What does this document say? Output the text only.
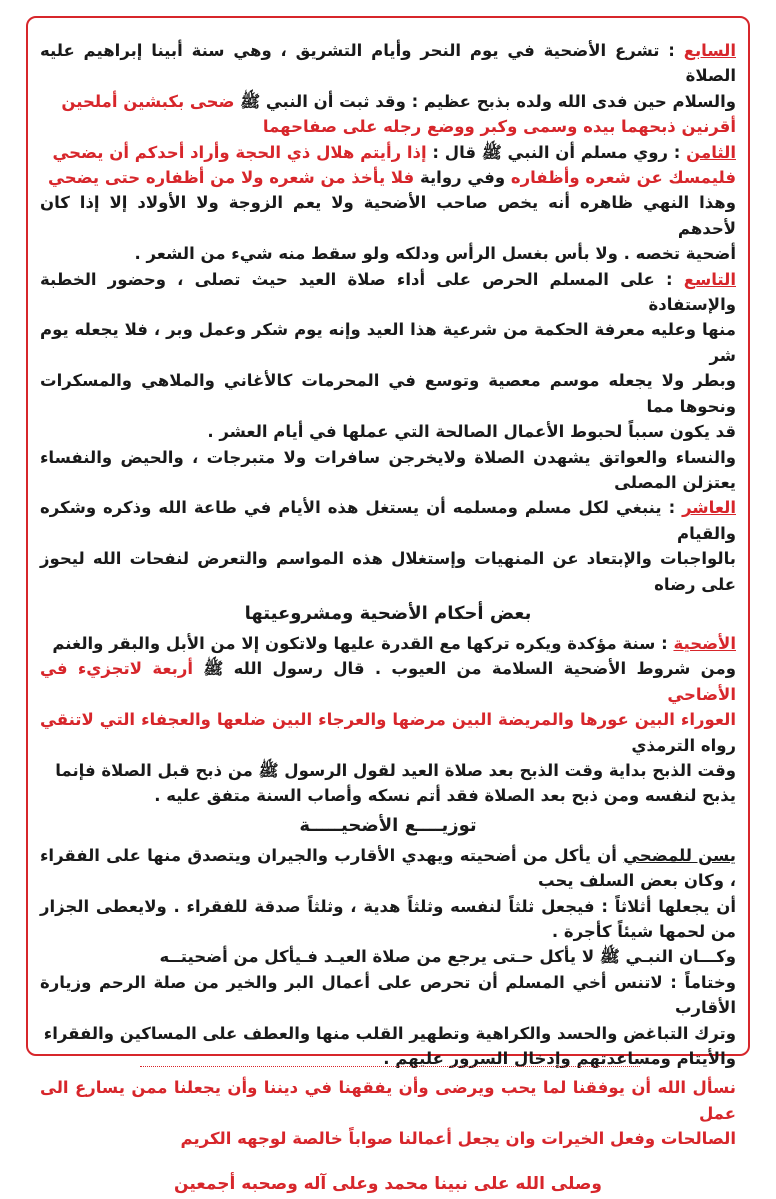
السابع : تشرع الأضحية في يوم النحر وأيام التشريق ، وهي سنة أبينا إبراهيم عليه الصلاة

والسلام حين فدى الله ولده بذبح عظيم : وقد ثبت أن النبي ﷺ ضحى بكبشين أملحين

أقرنين ذبحهما بيده وسمى وكبر ووضع رجله على صفاحهما

الثامن : روي مسلم أن النبي ﷺ قال : إذا رأيتم هلال ذي الحجة وأراد أحدكم أن يضحي

فليمسك عن شعره وأظفاره وفي رواية فلا يأخذ من شعره ولا من أظفاره حتى يضحي

وهذا النهي ظاهره أنه يخص صاحب الأضحية ولا يعم الزوجة ولا الأولاد إلا إذا كان لأحدهم

أضحية تخصه . ولا بأس بغسل الرأس ودلكه ولو سقط منه شيء من الشعر .

التاسع : على المسلم الحرص على أداء صلاة العيد حيث تصلى ، وحضور الخطبة والإستفادة

منها وعليه معرفة الحكمة من شرعية هذا العيد وإنه يوم شكر وعمل وبر ، فلا يجعله يوم شر

وبطر ولا يجعله موسم معصية وتوسع في المحرمات كالأغاني والملاهي والمسكرات ونحوها مما

قد يكون سبباً لحبوط الأعمال الصالحة التي عملها في أيام العشر .

والنساء والعواتق يشهدن الصلاة ولايخرجن سافرات ولا متبرجات ، والحيض والنفساء يعتزلن المصلى

العاشر : ينبغي لكل مسلم ومسلمه أن يستغل هذه الأيام في طاعة الله وذكره وشكره والقيام

بالواجبات والإبتعاد عن المنهيات وإستغلال هذه المواسم والتعرض لنفحات الله ليحوز على رضاه

بعض أحكام الأضحية ومشروعيتها

الأضحية : سنة مؤكدة ويكره تركها مع القدرة عليها ولاتكون إلا من الأبل والبقر والغنم

ومن شروط الأضحية السلامة من العيوب . قال رسول الله ﷺ أربعة لاتجزيء في الأضاحي

العوراء البين عورها والمريضة البين مرضها والعرجاء البين ضلعها والعجفاء التي لاتنقي رواه الترمذي

وقت الذبح بداية وقت الذبح بعد صلاة العيد لقول الرسول ﷺ من ذبح قبل الصلاة فإنما

يذبح لنفسه ومن ذبح بعد الصلاة فقد أتم نسكه وأصاب السنة متفق عليه .

توزيــــع الأضحيـــــة

يسن للمضحي أن يأكل من أضحيته ويهدي الأقارب والجيران ويتصدق منها على الفقراء ، وكان بعض السلف يحب

أن يجعلها أثلاثاً : فيجعل ثلثاً لنفسه وثلثاً هدية ، وثلثاً صدقة للفقراء . ولايعطى الجزار من لحمها شيئاً كأجرة .

وكـــان النبـي ﷺ لا يأكل حـتى يرجع من صلاة العيـد فـيأكل من أضحيتــه

وختاماً : لاتنس أخي المسلم أن تحرص على أعمال البر والخير من صلة الرحم وزيارة الأقارب

وترك التباغض والحسد والكراهية وتطهير القلب منها والعطف على المساكين والفقراء

والأيتام ومساعدتهم وإدخال السرور عليهم .

نسأل الله أن يوفقنا لما يحب ويرضى وأن يفقهنا في ديننا وأن يجعلنا ممن يسارع الى عمل

الصالحات وفعل الخيرات وان يجعل أعمالنا صواباً خالصة لوجهه الكريم

وصلى الله على نبينا محمد وعلى آله وصحبه أجمعين
